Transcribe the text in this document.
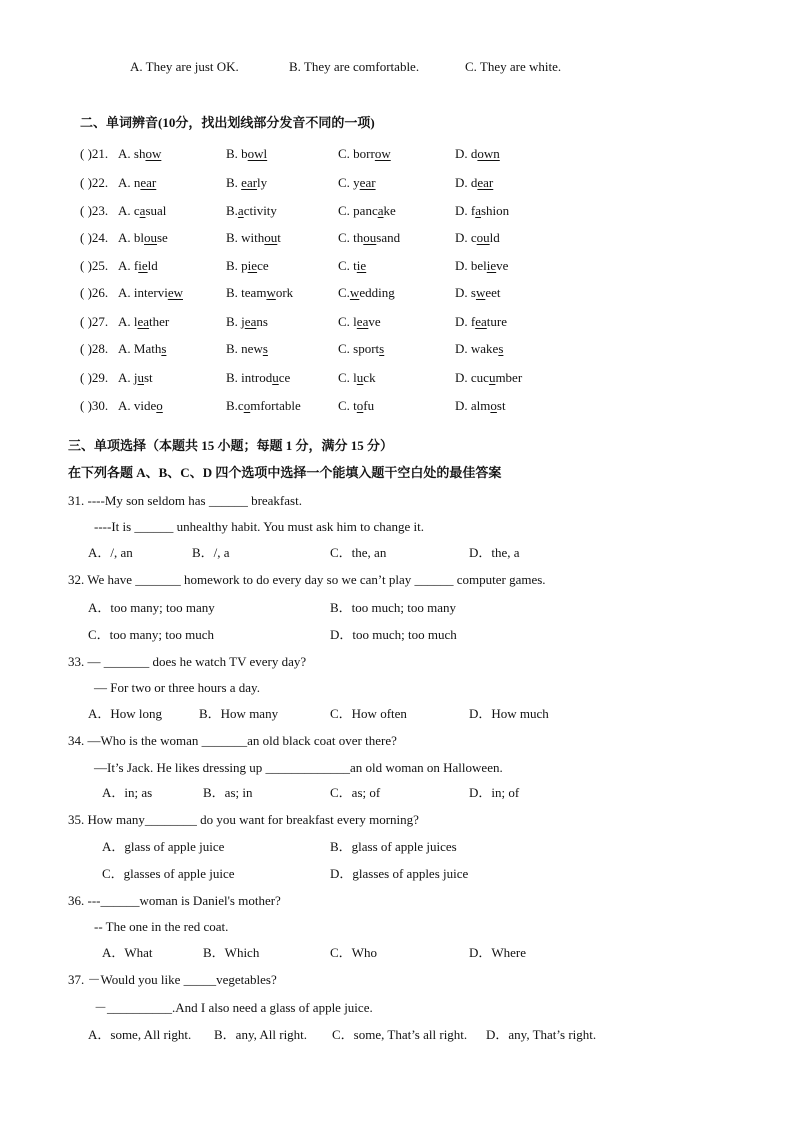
A. They are just OK.	B. They are comfortable.	C. They are white.
二、单词辨音(10分，找出划线部分发音不同的一项)
( )21. A. show	B. bowl	C. borrow	D. down
( )22. A. near	B. early	C. year	D. dear
( )23. A. casual	B.activity	C. pancake	D. fashion
( )24. A. blouse	B. without	C. thousand	D. could
( )25. A. field	B. piece	C. tie	D. believe
( )26. A. interview	B. teamwork	C.wedding	D. sweet
( )27. A. leather	B. jeans	C. leave	D. feature
( )28. A. Maths	B. news	C. sports	D. wakes
( )29. A. just	B. introduce	C. luck	D. cucumber
( )30. A. video	B.comfortable	C. tofu	D. almost
三、单项选择（本题共 15 小题；每题 1 分，满分 15 分）
在下列各题 A、B、C、D 四个选项中选择一个能填入题干空白处的最佳答案
31. ----My son seldom has ______ breakfast.
----It is ______ unhealthy habit. You must ask him to change it.
A．/, an	B．/, a	C．the, an	D．the, a
32. We have _______ homework to do every day so we can’t play ______ computer games.
A．too many; too many	B．too much; too many
C．too many; too much	D．too much; too much
33. — _______ does he watch TV every day?
— For two or three hours a day.
A．How long	B．How many	C．How often	D．How much
34. —Who is the woman _______an old black coat over there?
—It’s Jack. He likes dressing up _____________an old woman on Halloween.
A．in; as	B．as; in	C．as; of	D．in; of
35. How many________ do you want for breakfast every morning?
A．glass of apple juice	B．glass of apple juices
C．glasses of apple juice	D．glasses of apples juice
36. ---______woman is Daniel's mother?
-- The one in the red coat.
A．What	B．Which	C．Who	D．Where
37. －Would you like _____vegetables?
－__________.And I also need a glass of apple juice.
A．some, All right. B．any, All right. C．some, That’s all right. D．any, That’s right.
